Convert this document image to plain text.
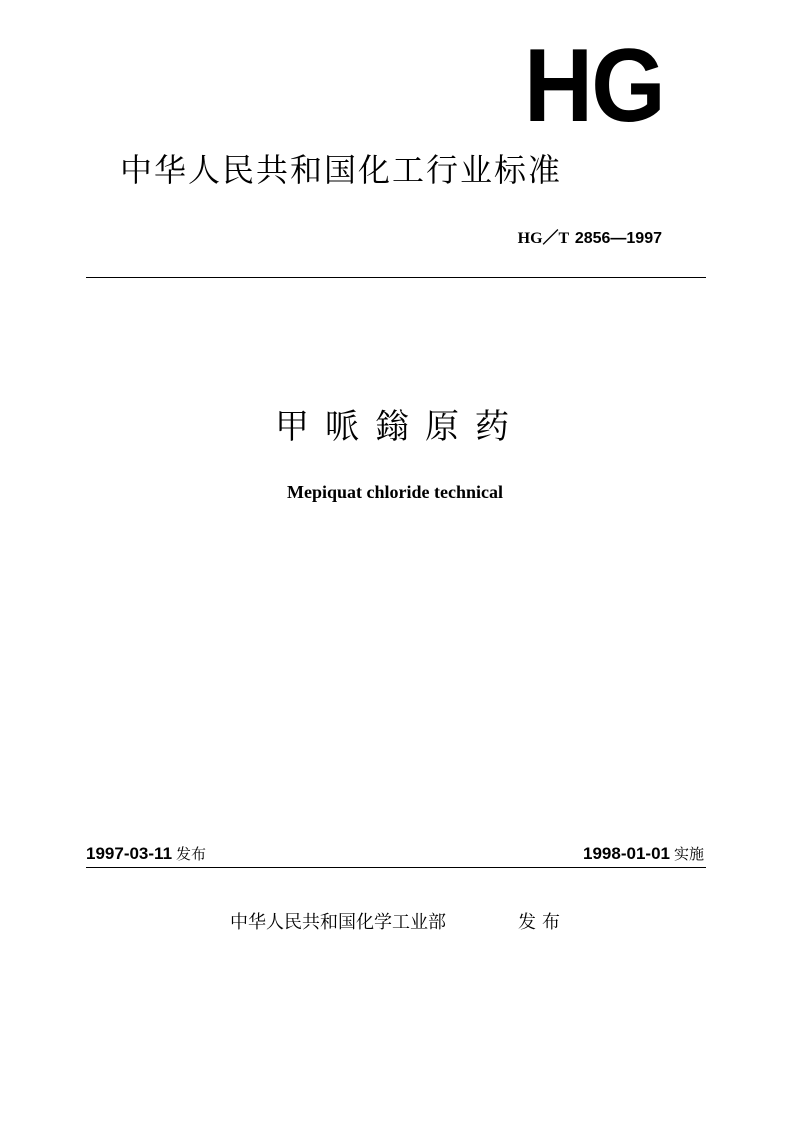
HG
中华人民共和国化工行业标准
HG／T 2856—1997
甲哌鎓原药
Mepiquat chloride technical
1997-03-11 发布	1998-01-01 实施
中华人民共和国化学工业部	发布
